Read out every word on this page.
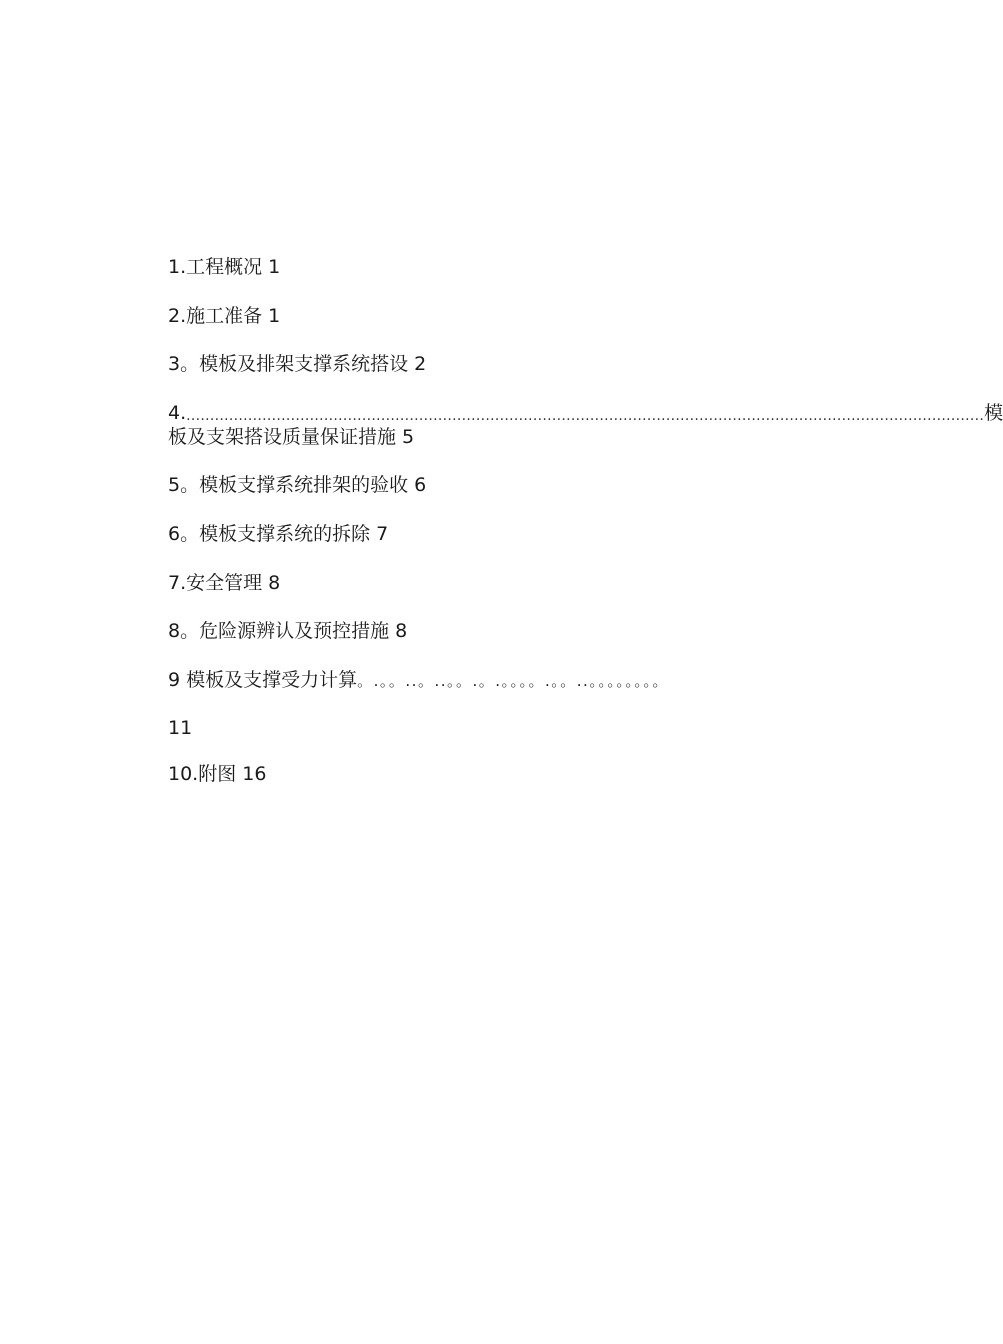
1.工程概况 1
2.施工准备 1
3。模板及排架支撑系统搭设 2
4. ........................................................................................................................................................................ 模
板及支架搭设质量保证措施 5
5。模板支撑系统排架的验收 6
6。模板支撑系统的拆除 7
7.安全管理 8
8。危险源辨认及预控措施 8
9 模板及支撑受力计算。.。。..。..。。.。.。。。。.。。..。。。。。。。。
11
10.附图 16
